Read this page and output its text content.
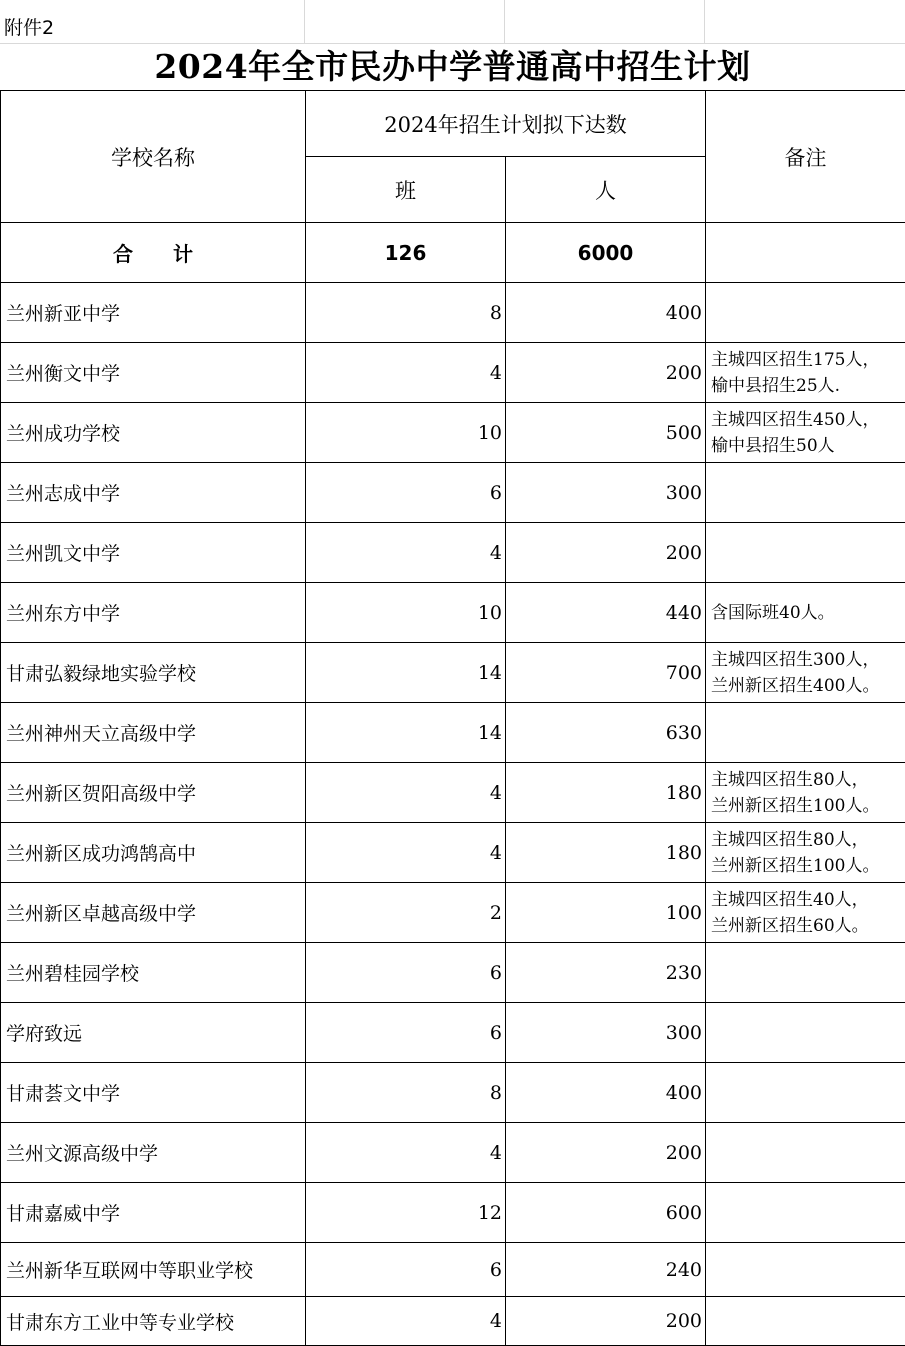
附件2
2024年全市民办中学普通高中招生计划
学校名称	2024年招生计划拟下达数		备注
	班	人	
合　　计	126	6000	
兰州新亚中学	8	400	
兰州衡文中学	4	200	主城四区招生175人，
榆中县招生25人.
兰州成功学校	10	500	主城四区招生450人，
榆中县招生50人
兰州志成中学	6	300	
兰州凯文中学	4	200	
兰州东方中学	10	440	含国际班40人。
甘肃弘毅绿地实验学校	14	700	主城四区招生300人，
兰州新区招生400人。
兰州神州天立高级中学	14	630	
兰州新区贺阳高级中学	4	180	主城四区招生80人，
兰州新区招生100人。
兰州新区成功鸿鹄高中	4	180	主城四区招生80人，
兰州新区招生100人。
兰州新区卓越高级中学	2	100	主城四区招生40人，
兰州新区招生60人。
兰州碧桂园学校	6	230	
学府致远	6	300	
甘肃荟文中学	8	400	
兰州文源高级中学	4	200	
甘肃嘉威中学	12	600	
兰州新华互联网中等职业学校	6	240	
甘肃东方工业中等专业学校	4	200	
